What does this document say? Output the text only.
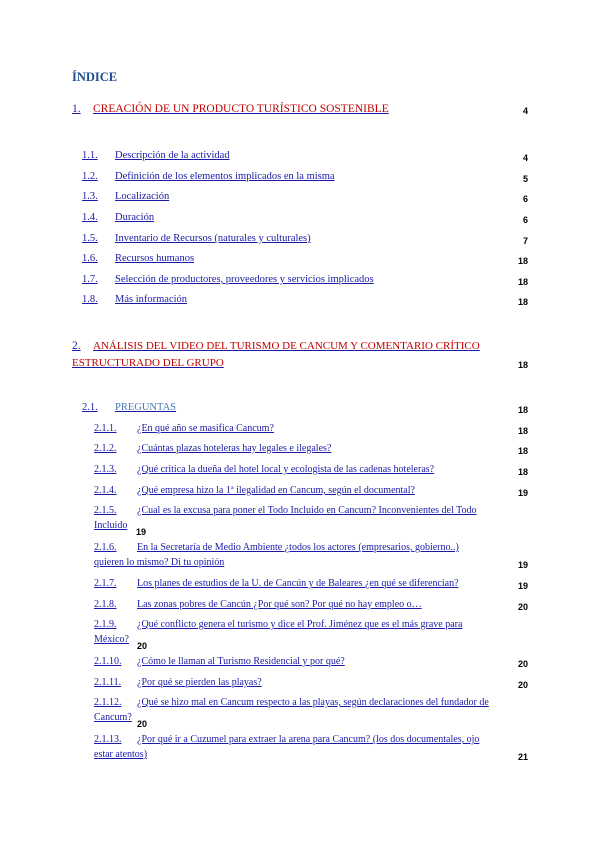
ÍNDICE
1. CREACIÓN DE UN PRODUCTO TURÍSTICO SOSTENIBLE	4
1.1. Descripción de la actividad	4
1.2. Definición de los elementos implicados en la misma	5
1.3. Localización	6
1.4. Duración	6
1.5. Inventario de Recursos (naturales y culturales)	7
1.6. Recursos humanos	18
1.7. Selección de productores, proveedores y servicios implicados	18
1.8. Más información	18
2. ANÁLISIS DEL VIDEO DEL TURISMO DE CANCUM Y COMENTARIO CRÍTICO
ESTRUCTURADO DEL GRUPO	18
2.1. PREGUNTAS	18
2.1.1. ¿En qué año se masifica Cancum?	18
2.1.2. ¿Cuántas plazas hoteleras hay legales e ilegales?	18
2.1.3. ¿Qué critica la dueña del hotel local y ecologista de las cadenas hoteleras?	18
2.1.4. ¿Qué empresa hizo la 1ª ilegalidad en Cancum, según el documental?	19
2.1.5. ¿Cual es la excusa para poner el Todo Incluido en Cancum? Inconvenientes del Todo
Incluido
19
2.1.6. En la Secretaría de Medio Ambiente ¿todos los actores (empresarios, gobierno..)
quieren lo mismo? Di tu opinión	19
2.1.7. Los planes de estudios de la U. de Cancún y de Baleares ¿en qué se diferencian?	19
2.1.8. Las zonas pobres de Cancún ¿Por qué son? Por qué no hay empleo o…	20
2.1.9. ¿Qué conflicto genera el turismo y dice el Prof. Jiménez que es el más grave para
México?
20
2.1.10. ¿Cómo le llaman al Turismo Residencial y por qué?	20
2.1.11. ¿Por qué se pierden las playas?	20
2.1.12. ¿Qué se hizo mal en Cancum respecto a las playas, según declaraciones del fundador de
Cancum?
20
2.1.13. ¿Por qué ir a Cuzumel para extraer la arena para Cancum? (los dos documentales, ojo
estar atentos)	21
